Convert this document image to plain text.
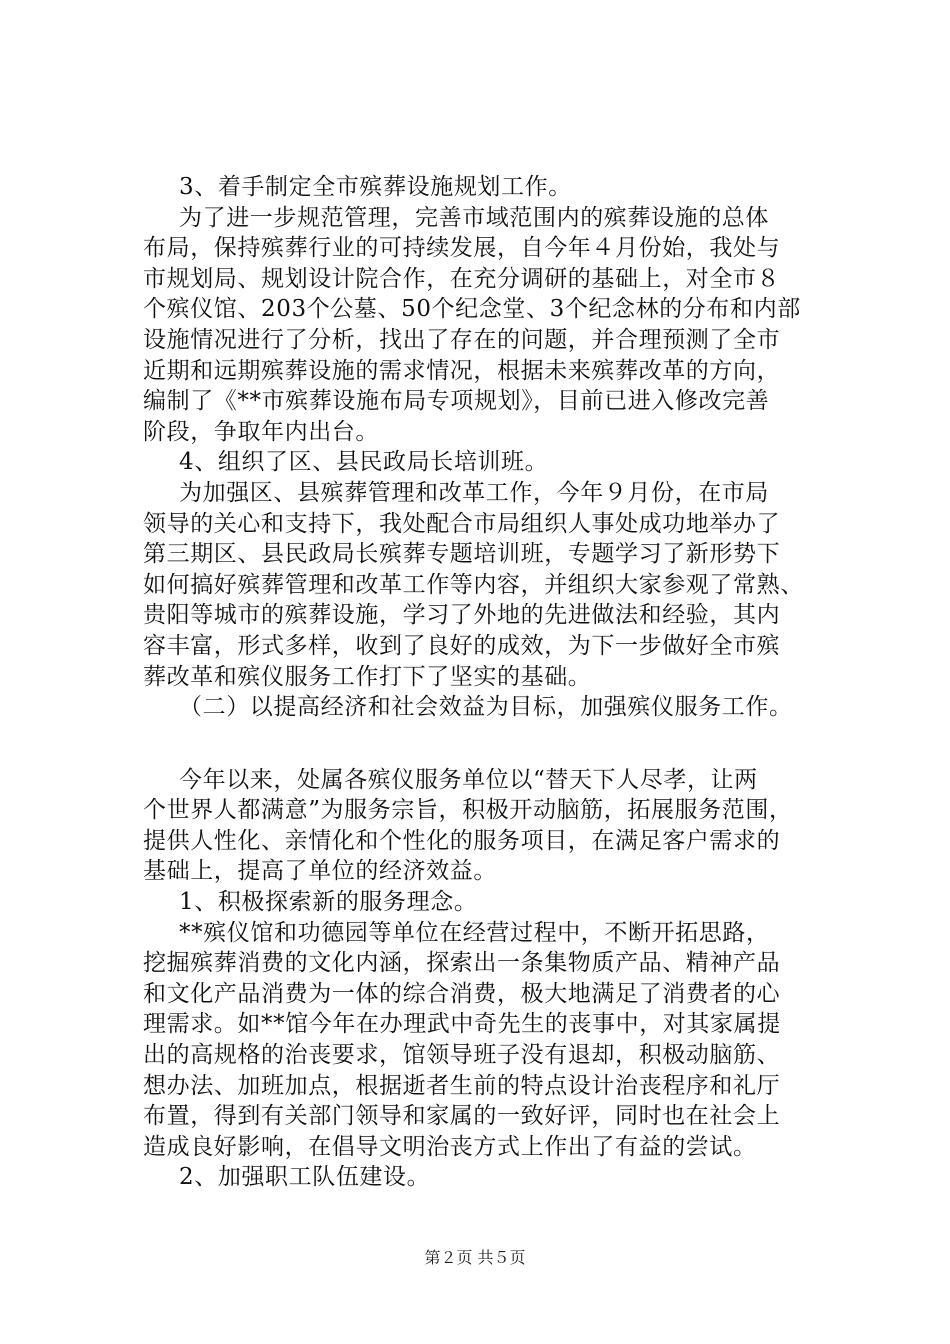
3、着手制定全市殡葬设施规划工作。
为了进一步规范管理，完善市域范围内的殡葬设施的总体
布局，保持殡葬行业的可持续发展，自今年４月份始，我处与
市规划局、规划设计院合作，在充分调研的基础上，对全市８
个殡仪馆、203个公墓、50个纪念堂、3个纪念林的分布和内部
设施情况进行了分析，找出了存在的问题，并合理预测了全市
近期和远期殡葬设施的需求情况，根据未来殡葬改革的方向，
编制了《**市殡葬设施布局专项规划》，目前已进入修改完善
阶段，争取年内出台。
4、组织了区、县民政局长培训班。
为加强区、县殡葬管理和改革工作，今年９月份，在市局
领导的关心和支持下，我处配合市局组织人事处成功地举办了
第三期区、县民政局长殡葬专题培训班，专题学习了新形势下
如何搞好殡葬管理和改革工作等内容，并组织大家参观了常熟、
贵阳等城市的殡葬设施，学习了外地的先进做法和经验，其内
容丰富，形式多样，收到了良好的成效，为下一步做好全市殡
葬改革和殡仪服务工作打下了坚实的基础。
（二）以提高经济和社会效益为目标，加强殡仪服务工作。
今年以来，处属各殡仪服务单位以“替天下人尽孝，让两
个世界人都满意”为服务宗旨，积极开动脑筋，拓展服务范围，
提供人性化、亲情化和个性化的服务项目，在满足客户需求的
基础上，提高了单位的经济效益。
1、积极探索新的服务理念。
**殡仪馆和功德园等单位在经营过程中，不断开拓思路，
挖掘殡葬消费的文化内涵，探索出一条集物质产品、精神产品
和文化产品消费为一体的综合消费，极大地满足了消费者的心
理需求。如**馆今年在办理武中奇先生的丧事中，对其家属提
出的高规格的治丧要求，馆领导班子没有退却，积极动脑筋、
想办法、加班加点，根据逝者生前的特点设计治丧程序和礼厅
布置，得到有关部门领导和家属的一致好评，同时也在社会上
造成良好影响，在倡导文明治丧方式上作出了有益的尝试。
2、加强职工队伍建设。
第２页 共５页
